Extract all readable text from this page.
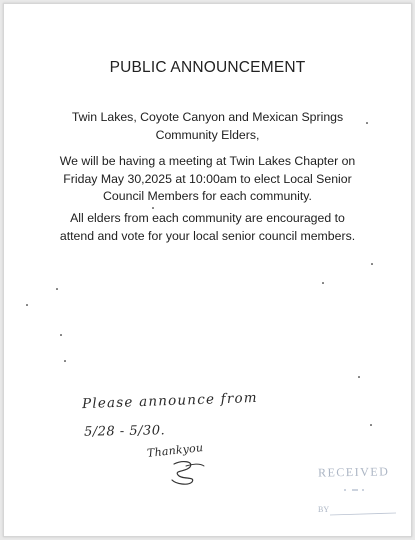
PUBLIC ANNOUNCEMENT
Twin Lakes, Coyote Canyon and Mexican Springs
Community Elders,
We will be having a meeting at Twin Lakes Chapter on
Friday May 30,2025 at 10:00am to elect Local Senior
Council Members for each community.
All elders from each community are encouraged to
attend and vote for your local senior council members.
Please announce from
5/28 - 5/30.
Thankyou
RECEIVED
BY
